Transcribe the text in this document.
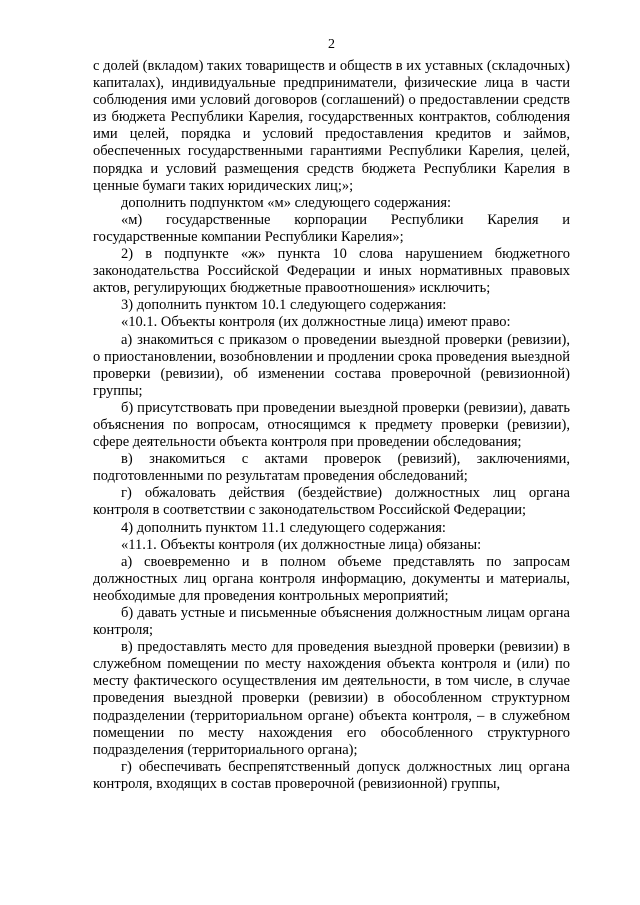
2

с долей (вкладом) таких товариществ и обществ в их уставных (складочных) капиталах), индивидуальные предприниматели, физические лица в части соблюдения ими условий договоров (соглашений) о предоставлении средств из бюджета Республики Карелия, государственных контрактов, соблюдения ими целей, порядка и условий предоставления кредитов и займов, обеспеченных государственными гарантиями Республики Карелия, целей, порядка и условий размещения средств бюджета Республики Карелия в ценные бумаги таких юридических лиц;»;

дополнить подпунктом «м» следующего содержания:

«м) государственные корпорации Республики Карелия и государственные компании Республики Карелия»;

2) в подпункте «ж» пункта 10 слова нарушением бюджетного законодательства Российской Федерации и иных нормативных правовых актов, регулирующих бюджетные правоотношения» исключить;

3) дополнить пунктом 10.1 следующего содержания:

«10.1. Объекты контроля (их должностные лица) имеют право:

а) знакомиться с приказом о проведении выездной проверки (ревизии), о приостановлении, возобновлении и продлении срока проведения выездной проверки (ревизии), об изменении состава проверочной (ревизионной) группы;

б) присутствовать при проведении выездной проверки (ревизии), давать объяснения по вопросам, относящимся к предмету проверки (ревизии), сфере деятельности объекта контроля при проведении обследования;

в) знакомиться с актами проверок (ревизий), заключениями, подготовленными по результатам проведения обследований;

г) обжаловать действия (бездействие) должностных лиц органа контроля в соответствии с законодательством Российской Федерации;

4) дополнить пунктом 11.1 следующего содержания:

«11.1. Объекты контроля (их должностные лица) обязаны:

а) своевременно и в полном объеме представлять по запросам должностных лиц органа контроля информацию, документы и материалы, необходимые для проведения контрольных мероприятий;

б) давать устные и письменные объяснения должностным лицам органа контроля;

в) предоставлять место для проведения выездной проверки (ревизии) в служебном помещении по месту нахождения объекта контроля и (или) по месту фактического осуществления им деятельности, в том числе, в случае проведения выездной проверки (ревизии) в обособленном структурном подразделении (территориальном органе) объекта контроля, – в служебном помещении по месту нахождения его обособленного структурного подразделения (территориального органа);

г) обеспечивать беспрепятственный допуск должностных лиц органа контроля, входящих в состав проверочной (ревизионной) группы,
